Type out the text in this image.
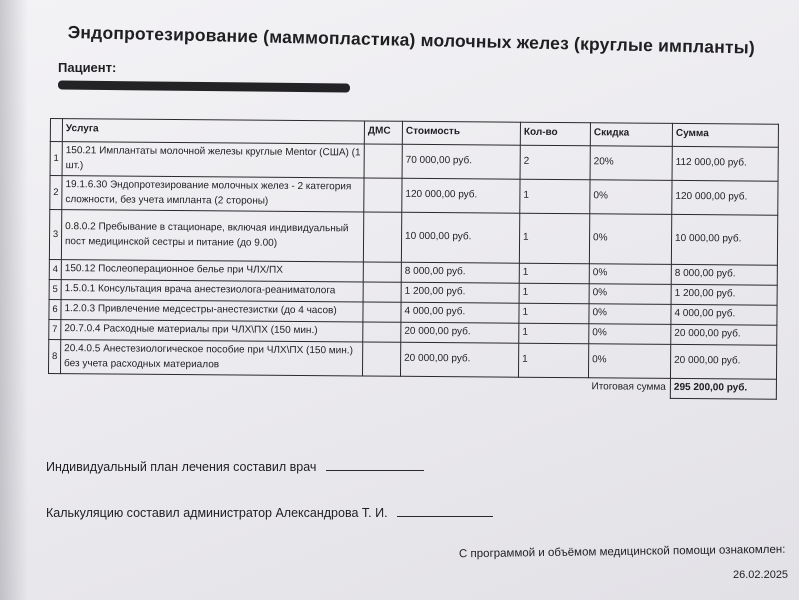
Эндопротезирование (маммопластика) молочных желез (круглые импланты)
Пациент:
	Услуга	ДМС	Стоимость	Кол-во	Скидка	Сумма
1	150.21 Имплантаты молочной железы круглые Mentor (США) (1 шт.)		70 000,00 руб.	2	20%	112 000,00 руб.
2	19.1.6.30 Эндопротезирование молочных желез - 2 категория сложности, без учета импланта (2 стороны)		120 000,00 руб.	1	0%	120 000,00 руб.
3	0.8.0.2 Пребывание в стационаре, включая индивидуальный пост медицинской сестры и питание (до 9.00)		10 000,00 руб.	1	0%	10 000,00 руб.
4	150.12 Послеоперационное белье при ЧЛХ/ПХ		8 000,00 руб.	1	0%	8 000,00 руб.
5	1.5.0.1 Консультация врача анестезиолога-реаниматолога		1 200,00 руб.	1	0%	1 200,00 руб.
6	1.2.0.3 Привлечение медсестры-анестезистки (до 4 часов)		4 000,00 руб.	1	0%	4 000,00 руб.
7	20.7.0.4 Расходные материалы при ЧЛХ\ПХ (150 мин.)		20 000,00 руб.	1	0%	20 000,00 руб.
8	20.4.0.5 Анестезиологическое пособие при ЧЛХ\ПХ (150 мин.) без учета расходных материалов		20 000,00 руб.	1	0%	20 000,00 руб.
Итоговая сумма						295 200,00 руб.
Индивидуальный план лечения составил врач
Калькуляцию составил администратор Александрова Т. И.
С программой и объёмом медицинской помощи ознакомлен:
26.02.2025
